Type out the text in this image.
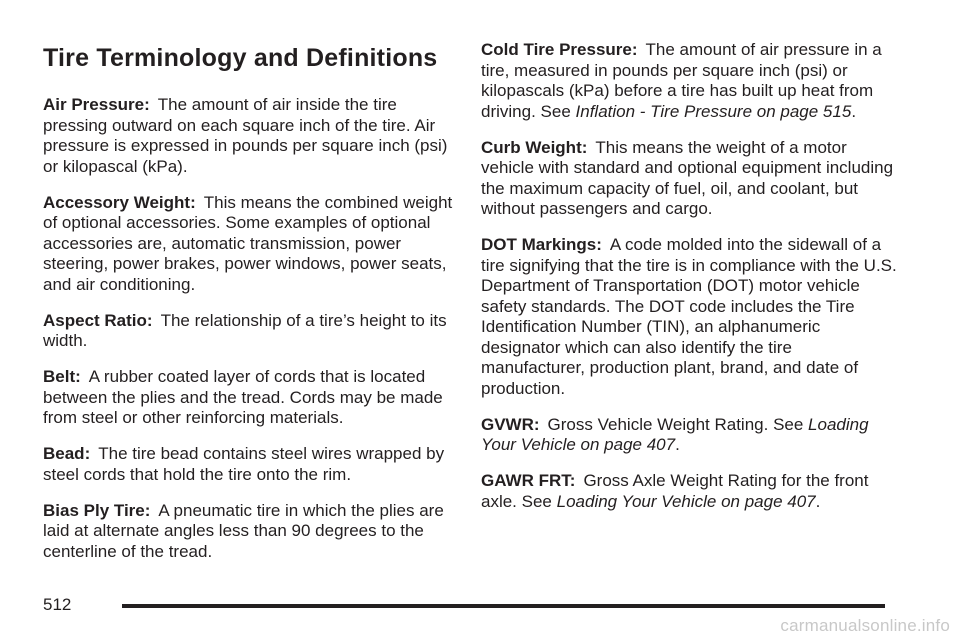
Tire Terminology and Definitions

Air Pressure: The amount of air inside the tire pressing outward on each square inch of the tire. Air pressure is expressed in pounds per square inch (psi) or kilopascal (kPa).

Accessory Weight: This means the combined weight of optional accessories. Some examples of optional accessories are, automatic transmission, power steering, power brakes, power windows, power seats, and air conditioning.

Aspect Ratio: The relationship of a tire’s height to its width.

Belt: A rubber coated layer of cords that is located between the plies and the tread. Cords may be made from steel or other reinforcing materials.

Bead: The tire bead contains steel wires wrapped by steel cords that hold the tire onto the rim.

Bias Ply Tire: A pneumatic tire in which the plies are laid at alternate angles less than 90 degrees to the centerline of the tread.

Cold Tire Pressure: The amount of air pressure in a tire, measured in pounds per square inch (psi) or kilopascals (kPa) before a tire has built up heat from driving. See Inflation - Tire Pressure on page 515.

Curb Weight: This means the weight of a motor vehicle with standard and optional equipment including the maximum capacity of fuel, oil, and coolant, but without passengers and cargo.

DOT Markings: A code molded into the sidewall of a tire signifying that the tire is in compliance with the U.S. Department of Transportation (DOT) motor vehicle safety standards. The DOT code includes the Tire Identification Number (TIN), an alphanumeric designator which can also identify the tire manufacturer, production plant, brand, and date of production.

GVWR: Gross Vehicle Weight Rating. See Loading Your Vehicle on page 407.

GAWR FRT: Gross Axle Weight Rating for the front axle. See Loading Your Vehicle on page 407.

512
carmanualsonline.info
